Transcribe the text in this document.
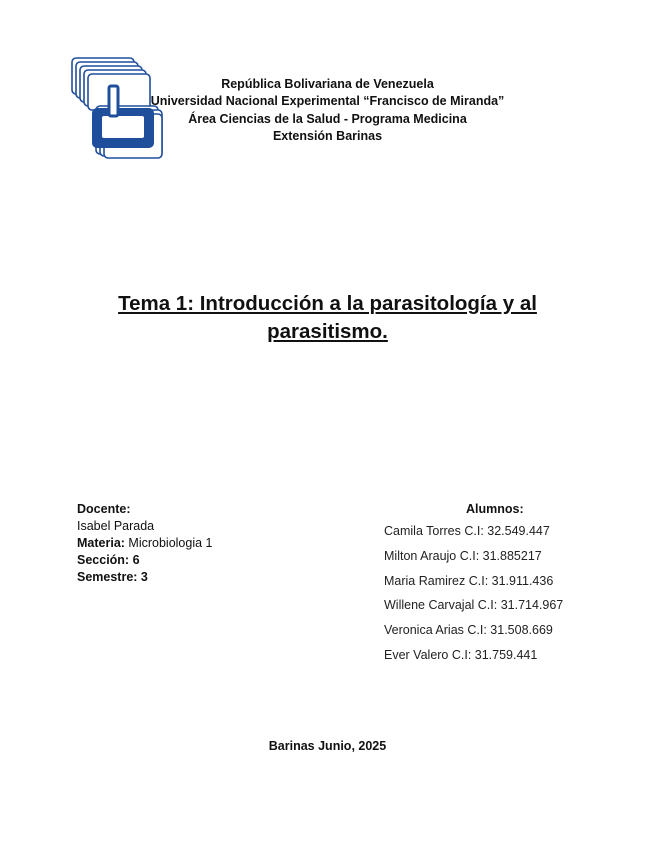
República Bolivariana de Venezuela
Universidad Nacional Experimental “Francisco de Miranda”
Área Ciencias de la Salud - Programa Medicina
Extensión Barinas
Tema 1: Introducción a la parasitología y al
parasitismo.
Docente:
Isabel Parada
Materia: Microbiologia 1
Sección: 6
Semestre: 3
Alumnos:
Camila Torres C.I: 32.549.447
Milton Araujo C.I: 31.885217
Maria Ramirez C.I: 31.911.436
Willene Carvajal C.I: 31.714.967
Veronica Arias C.I: 31.508.669
Ever Valero C.I: 31.759.441
Barinas Junio, 2025
